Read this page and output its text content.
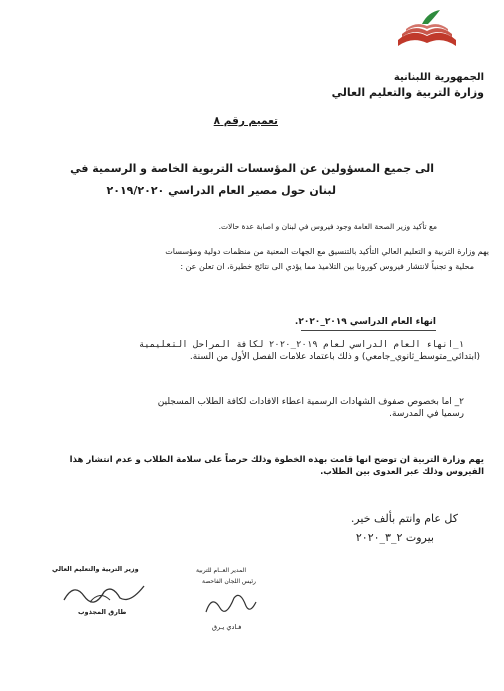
الجمهورية اللبنانية
وزارة التربية والتعليم العالي
تعميم رقم ٨
الى جميع المسؤولين عن المؤسسات التربوية الخاصة و الرسمية في
لبنان حول مصير العام الدراسي ٢٠١٩/٢٠٢٠
مع تأكيد وزير الصحة العامة وجود فيروس في لبنان و اصابة عدة حالات.
يهم وزارة التربية و التعليم العالي التأكيد بالتنسيق مع الجهات المعنية من منظمات دولية ومؤسسات
محلية و تجنباً لانتشار فيروس كورونا بين التلاميذ مما يؤدي الى نتائج خطيرة، ان تعلن عن :
انهاء العام الدراسي ٢٠١٩_٢٠٢٠.
١_انهاء العام الدراسي لعام ٢٠١٩_٢٠٢٠ لكافة المراحل التعليمية
(ابتدائي_متوسط_ثانوي_جامعي) و ذلك باعتماد علامات الفصل الأول من السنة.
٢_ اما بخصوص صفوف الشهادات الرسمية اعطاء الافادات لكافة الطلاب المسجلين
رسميا في المدرسة.
يهم وزارة التربية ان توضح انها قامت بهذه الخطوة وذلك حرصاً على سلامة الطلاب و عدم انتشار هذا
الفيروس وذلك عبر العدوى بين الطلاب.
كل عام وانتم بألف خير.
بيروت ٢_٣_٢٠٢٠
وزير التربية والتعليم العالي
طارق المجذوب
المدير العــام للتربية
رئيس اللجان الفاحصة
فـادي يـرق
